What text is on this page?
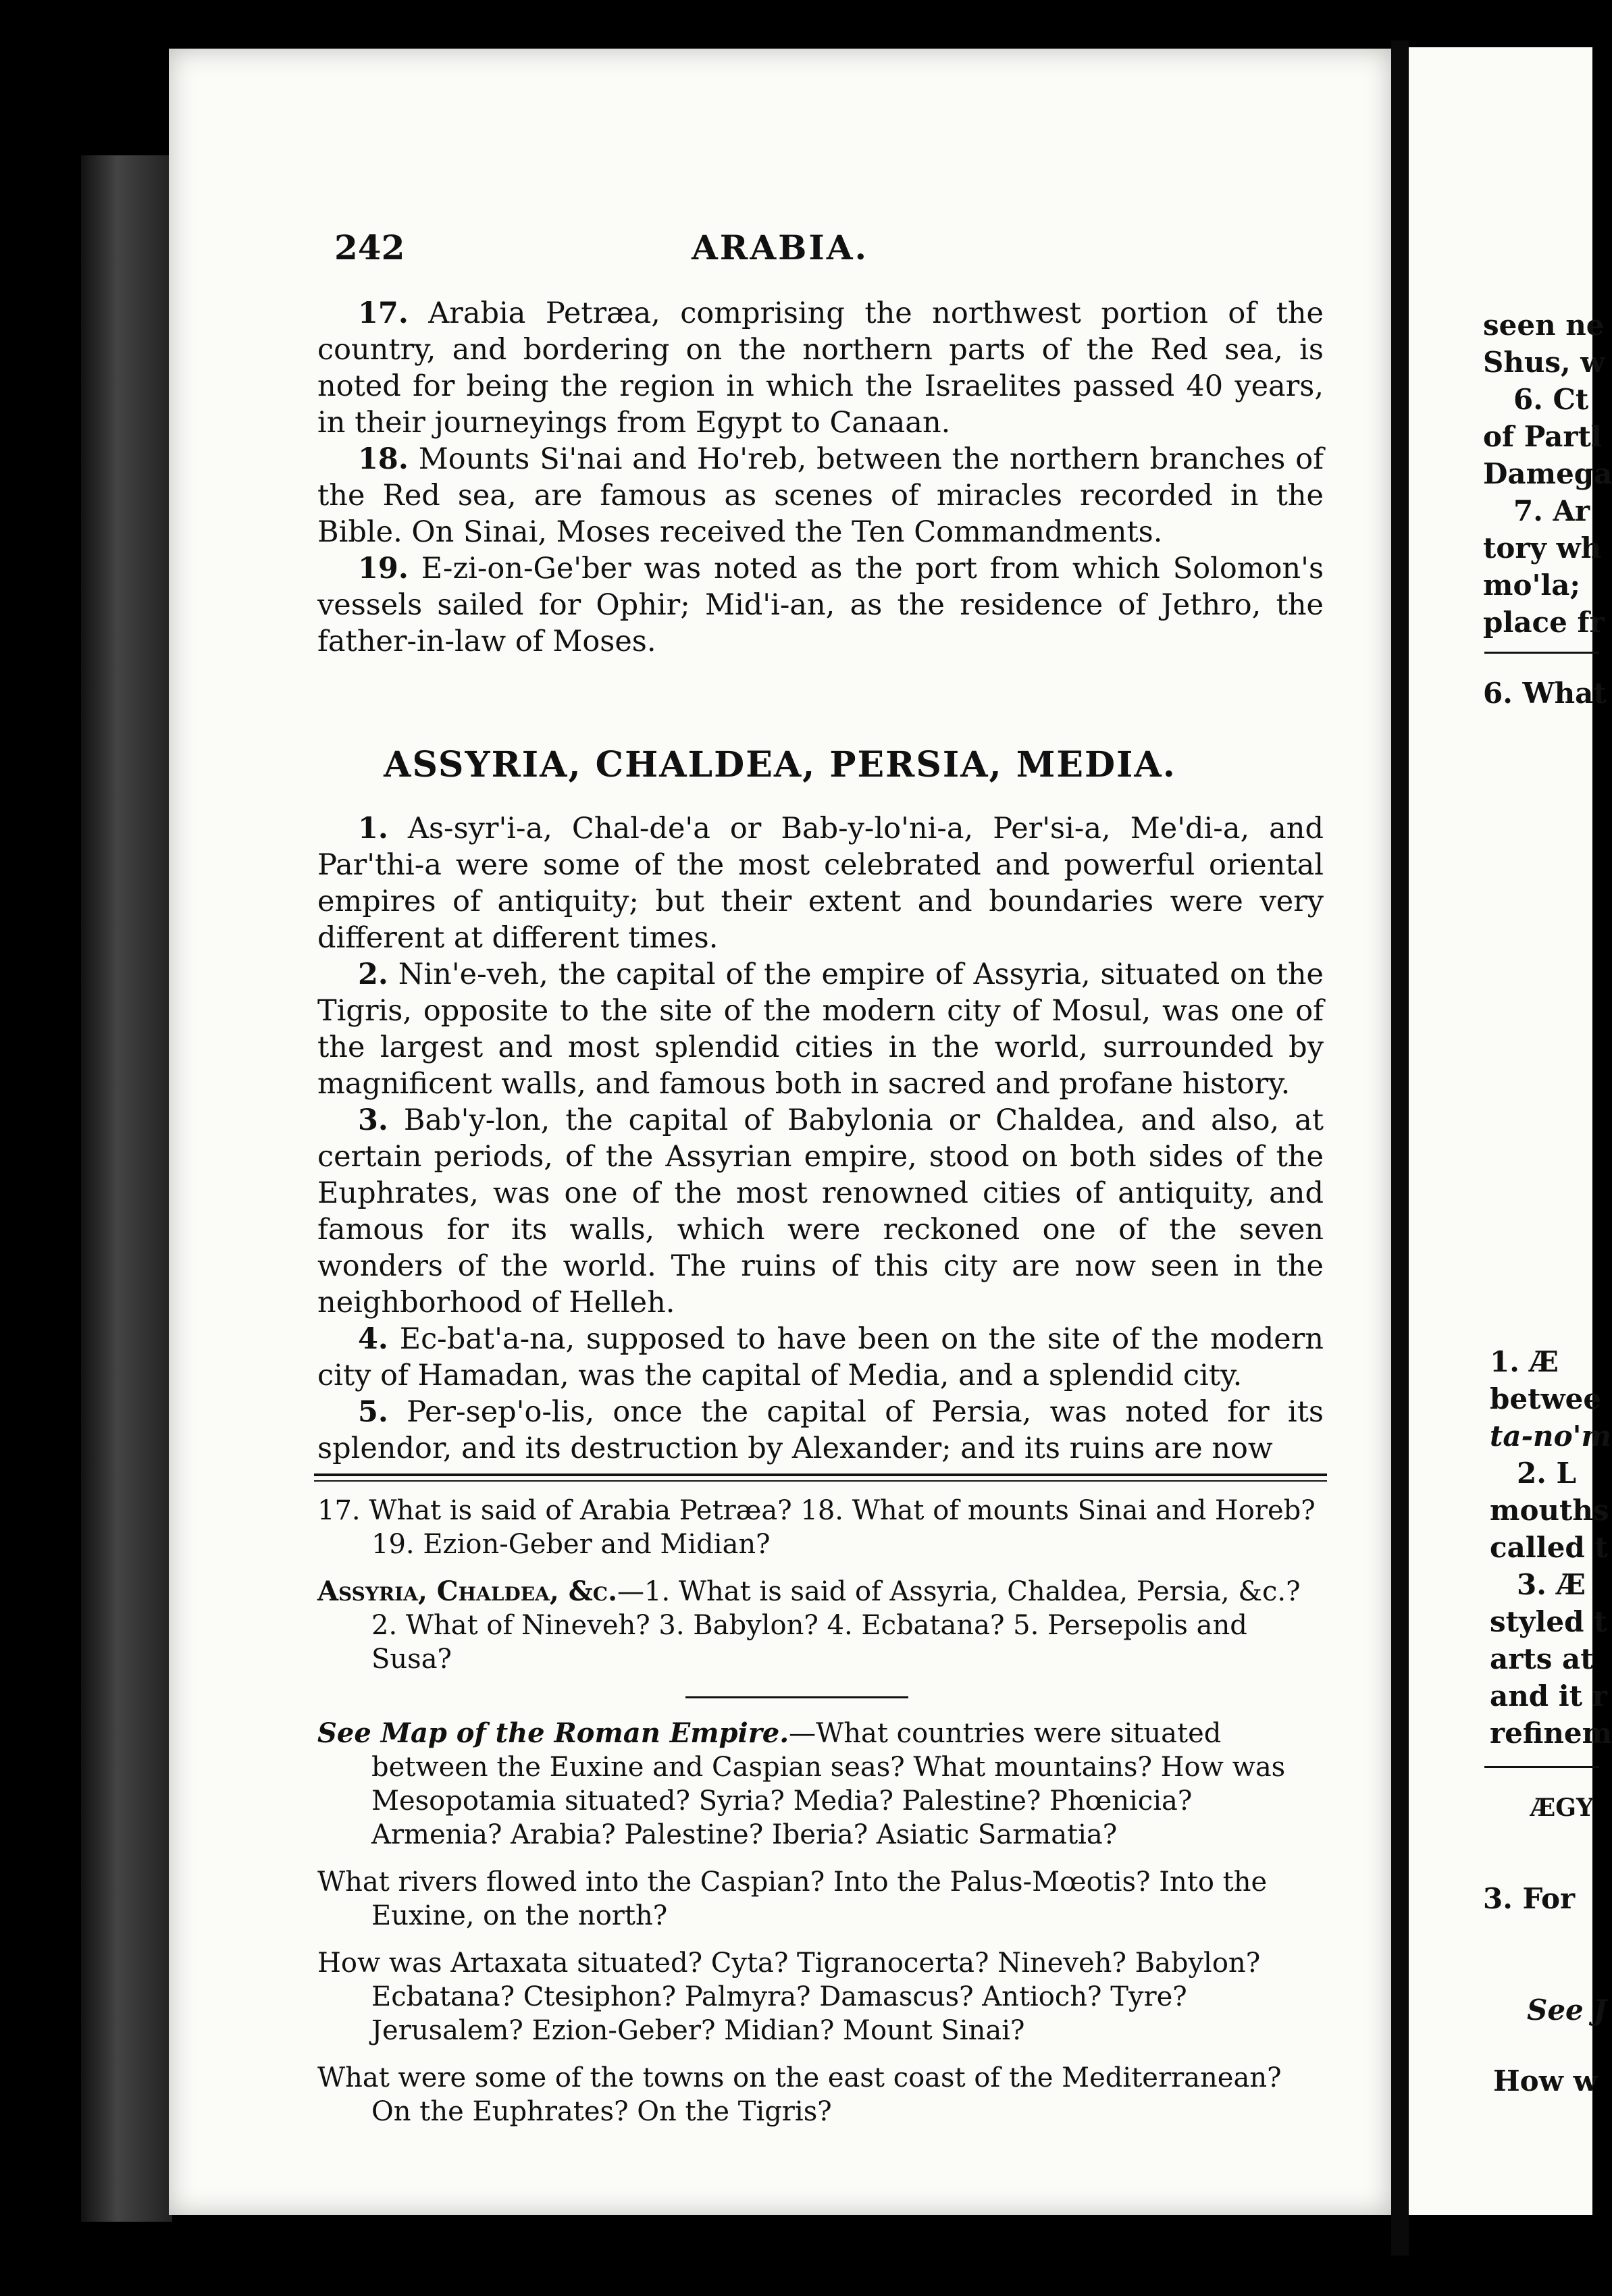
242	ARABIA.

17. Arabia Petræa, comprising the northwest portion of the country, and bordering on the northern parts of the Red sea, is noted for being the region in which the Israelites passed 40 years, in their journeyings from Egypt to Canaan.

18. Mounts Si'nai and Ho'reb, between the northern branches of the Red sea, are famous as scenes of miracles recorded in the Bible. On Sinai, Moses received the Ten Commandments.

19. E-zi-on-Ge'ber was noted as the port from which Solomon's vessels sailed for Ophir; Mid'i-an, as the residence of Jethro, the father-in-law of Moses.

ASSYRIA, CHALDEA, PERSIA, MEDIA.

1. As-syr'i-a, Chal-de'a or Bab-y-lo'ni-a, Per'si-a, Me'di-a, and Par'thi-a were some of the most celebrated and powerful oriental empires of antiquity; but their extent and boundaries were very different at different times.

2. Nin'e-veh, the capital of the empire of Assyria, situated on the Tigris, opposite to the site of the modern city of Mosul, was one of the largest and most splendid cities in the world, surrounded by magnificent walls, and famous both in sacred and profane history.

3. Bab'y-lon, the capital of Babylonia or Chaldea, and also, at certain periods, of the Assyrian empire, stood on both sides of the Euphrates, was one of the most renowned cities of antiquity, and famous for its walls, which were reckoned one of the seven wonders of the world. The ruins of this city are now seen in the neighborhood of Helleh.

4. Ec-bat'a-na, supposed to have been on the site of the modern city of Hamadan, was the capital of Media, and a splendid city.

5. Per-sep'o-lis, once the capital of Persia, was noted for its splendor, and its destruction by Alexander; and its ruins are now

17. What is said of Arabia Petræa? 18. What of mounts Sinai and Horeb? 19. Ezion-Geber and Midian?

Assyria, Chaldea, &c.—1. What is said of Assyria, Chaldea, Persia, &c.? 2. What of Nineveh? 3. Babylon? 4. Ecbatana? 5. Persepolis and Susa?

See Map of the Roman Empire.—What countries were situated between the Euxine and Caspian seas? What mountains? How was Mesopotamia situated? Syria? Media? Palestine? Phœnicia? Armenia? Arabia? Palestine? Iberia? Asiatic Sarmatia?

What rivers flowed into the Caspian? Into the Palus-Mœotis? Into the Euxine, on the north?

How was Artaxata situated? Cyta? Tigranocerta? Nineveh? Babylon? Ecbatana? Ctesiphon? Palmyra? Damascus? Antioch? Tyre? Jerusalem? Ezion-Geber? Midian? Mount Sinai?

What were some of the towns on the east coast of the Mediterranean? On the Euphrates? On the Tigris?

seen ne
Shus, w
6. Ct
of Partl
Damega
7. Ar
tory wh
mo'la;
place fr
6. What
1. Æ
betwee
ta-no'm
2. L
mouths
called t
3. Æ
styled t
arts at
and it r
refinem
ÆGY
3. For
See J
How w
